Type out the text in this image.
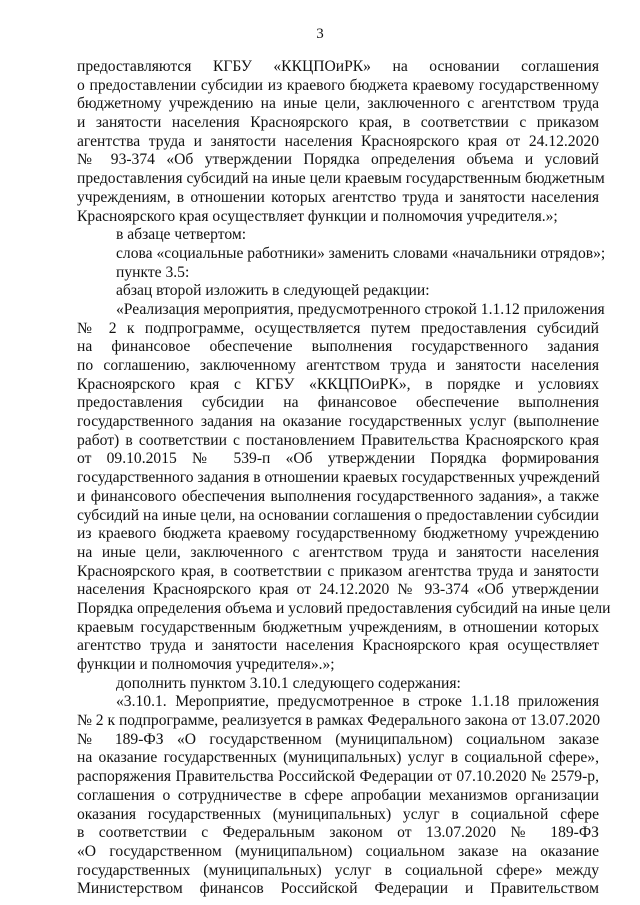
3
предоставляются КГБУ «ККЦПОиРК» на основании соглашения
о предоставлении субсидии из краевого бюджета краевому государственному
бюджетному учреждению на иные цели, заключенного с агентством труда
и занятости населения Красноярского края, в соответствии с приказом
агентства труда и занятости населения Красноярского края от 24.12.2020
№ 93-374 «Об утверждении Порядка определения объема и условий
предоставления субсидий на иные цели краевым государственным бюджетным
учреждениям, в отношении которых агентство труда и занятости населения
Красноярского края осуществляет функции и полномочия учредителя.»;
в абзаце четвертом:
слова «социальные работники» заменить словами «начальники отрядов»;
пункте 3.5:
абзац второй изложить в следующей редакции:
«Реализация мероприятия, предусмотренного строкой 1.1.12 приложения
№ 2 к подпрограмме, осуществляется путем предоставления субсидий
на финансовое обеспечение выполнения государственного задания
по соглашению, заключенному агентством труда и занятости населения
Красноярского края с КГБУ «ККЦПОиРК», в порядке и условиях
предоставления субсидии на финансовое обеспечение выполнения
государственного задания на оказание государственных услуг (выполнение
работ) в соответствии с постановлением Правительства Красноярского края
от 09.10.2015 № 539-п «Об утверждении Порядка формирования
государственного задания в отношении краевых государственных учреждений
и финансового обеспечения выполнения государственного задания», а также
субсидий на иные цели, на основании соглашения о предоставлении субсидии
из краевого бюджета краевому государственному бюджетному учреждению
на иные цели, заключенного с агентством труда и занятости населения
Красноярского края, в соответствии с приказом агентства труда и занятости
населения Красноярского края от 24.12.2020 № 93-374 «Об утверждении
Порядка определения объема и условий предоставления субсидий на иные цели
краевым государственным бюджетным учреждениям, в отношении которых
агентство труда и занятости населения Красноярского края осуществляет
функции и полномочия учредителя».»;
дополнить пунктом 3.10.1 следующего содержания:
«3.10.1. Мероприятие, предусмотренное в строке 1.1.18 приложения
№ 2 к подпрограмме, реализуется в рамках Федерального закона от 13.07.2020
№ 189-ФЗ «О государственном (муниципальном) социальном заказе
на оказание государственных (муниципальных) услуг в социальной сфере»,
распоряжения Правительства Российской Федерации от 07.10.2020 № 2579-р,
соглашения о сотрудничестве в сфере апробации механизмов организации
оказания государственных (муниципальных) услуг в социальной сфере
в соответствии с Федеральным законом от 13.07.2020 № 189-ФЗ
«О государственном (муниципальном) социальном заказе на оказание
государственных (муниципальных) услуг в социальной сфере» между
Министерством финансов Российской Федерации и Правительством
